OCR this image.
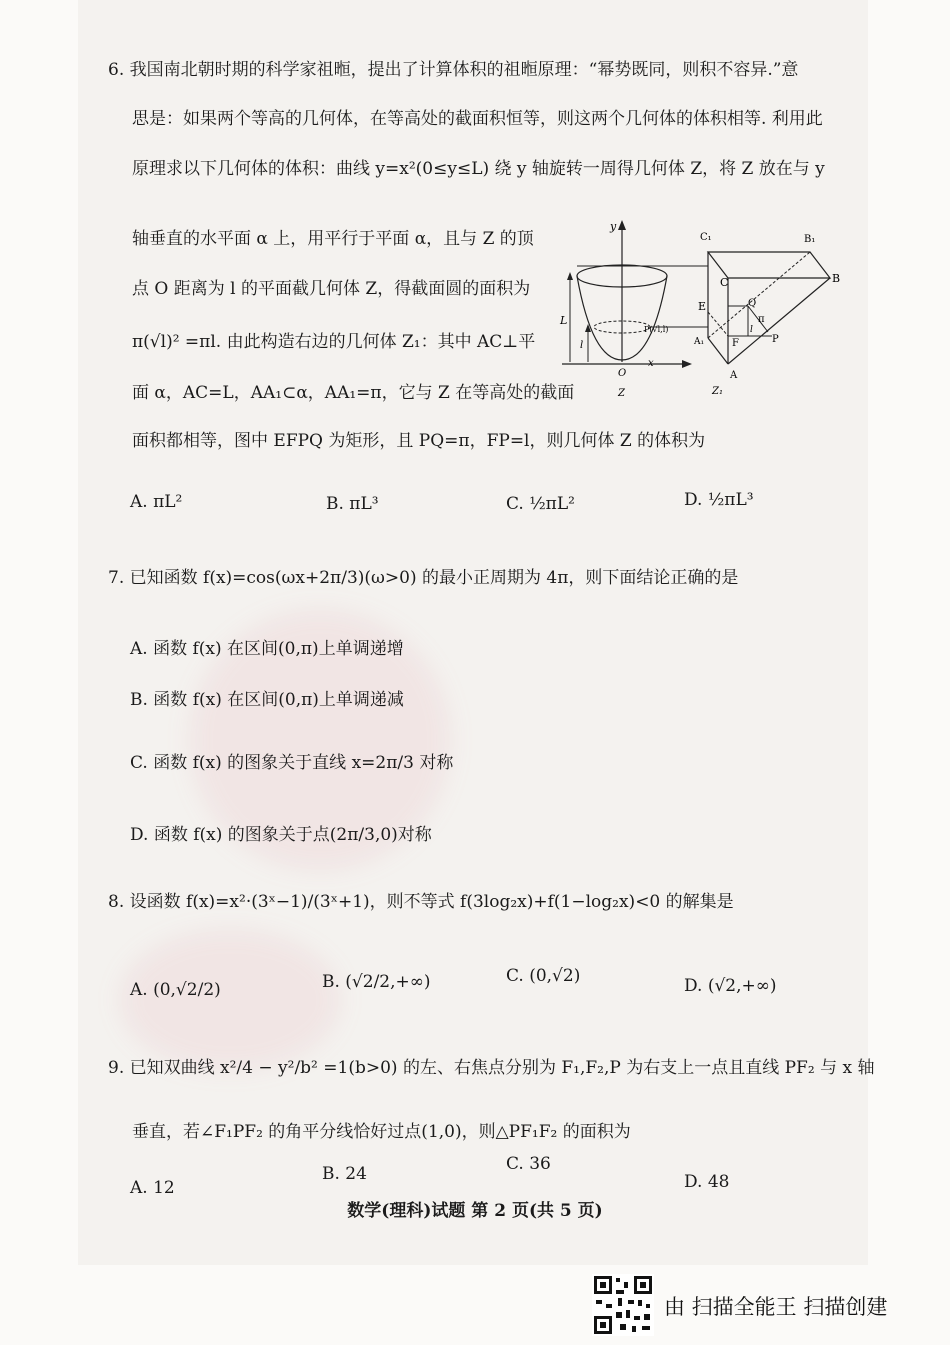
6. 我国南北朝时期的科学家祖暅，提出了计算体积的祖暅原理：“幂势既同，则积不容异.”意
思是：如果两个等高的几何体，在等高处的截面积恒等，则这两个几何体的体积相等. 利用此
原理求以下几何体的体积：曲线 y=x²(0≤y≤L) 绕 y 轴旋转一周得几何体 Z，将 Z 放在与 y
轴垂直的水平面 α 上，用平行于平面 α，且与 Z 的顶
点 O 距离为 l 的平面截几何体 Z，得截面圆的面积为
π(√l)² =πl. 由此构造右边的几何体 Z₁：其中 AC⊥平
面 α，AC=L，AA₁⊂α，AA₁=π，它与 Z 在等高处的截面
面积都相等，图中 EFPQ 为矩形，且 PQ=π，FP=l，则几何体 Z 的体积为
A. πL²	B. πL³	C. ½πL²	D. ½πL³
y
C₁	B₁
C	B
E	Q
π
L
P(√l,l)
l	A₁	F
l
P
O
x
A
Z	Z₁
7. 已知函数 f(x)=cos(ωx+2π/3)(ω>0) 的最小正周期为 4π，则下面结论正确的是
A. 函数 f(x) 在区间(0,π)上单调递增
B. 函数 f(x) 在区间(0,π)上单调递减
C. 函数 f(x) 的图象关于直线 x=2π/3 对称
D. 函数 f(x) 的图象关于点(2π/3,0)对称
8. 设函数 f(x)=x²·(3ˣ−1)/(3ˣ+1)，则不等式 f(3log₂x)+f(1−log₂x)<0 的解集是
A. (0,√2/2)	B. (√2/2,+∞)	C. (0,√2)	D. (√2,+∞)
9. 已知双曲线 x²/4 − y²/b² =1(b>0) 的左、右焦点分别为 F₁,F₂,P 为右支上一点且直线 PF₂ 与 x 轴
垂直，若∠F₁PF₂ 的角平分线恰好过点(1,0)，则△PF₁F₂ 的面积为
A. 12
B. 24	C. 36
D. 48
数学(理科)试题 第 2 页(共 5 页)
由 扫描全能王 扫描创建
